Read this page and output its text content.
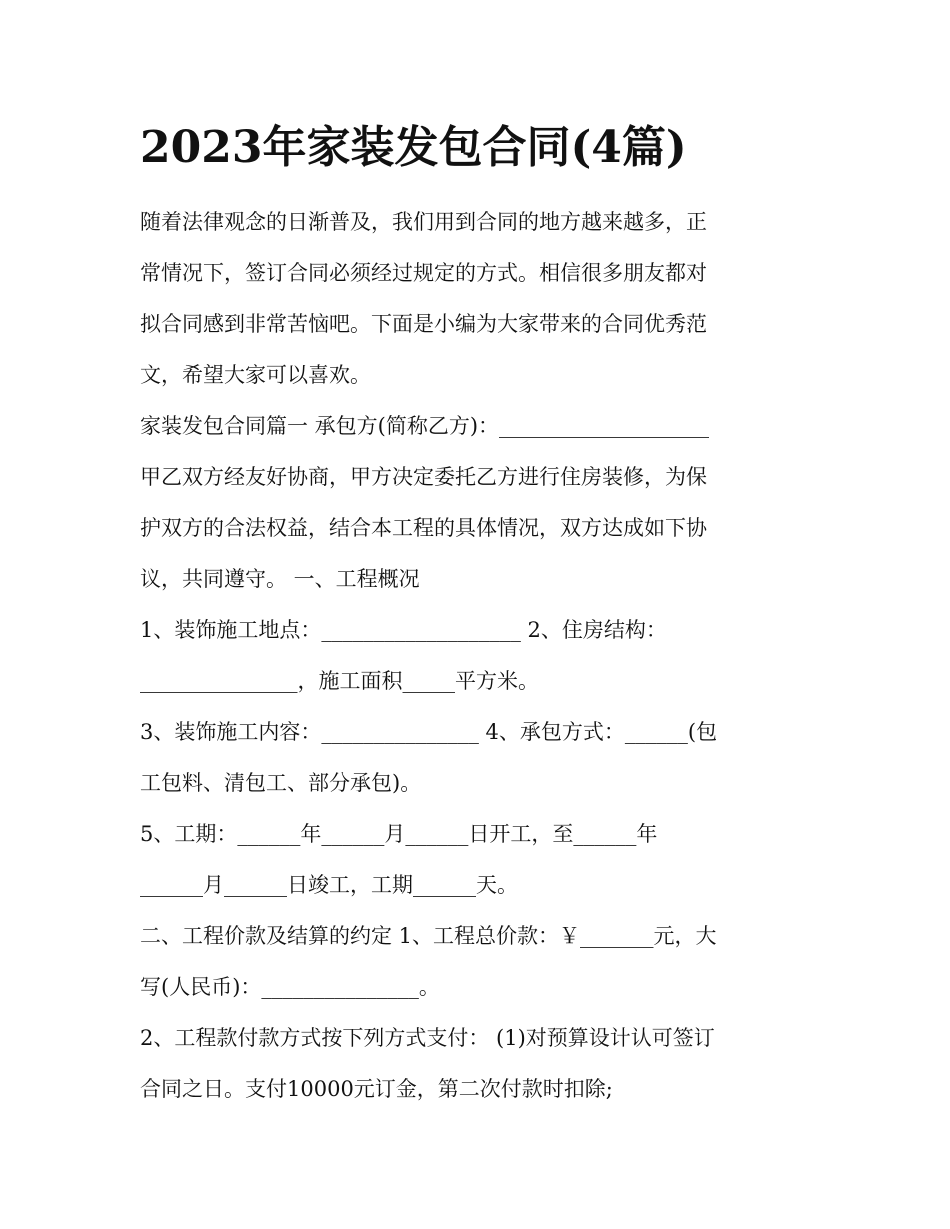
2023年家装发包合同(4篇)

随着法律观念的日渐普及，我们用到合同的地方越来越多，正
常情况下，签订合同必须经过规定的方式。相信很多朋友都对
拟合同感到非常苦恼吧。下面是小编为大家带来的合同优秀范
文，希望大家可以喜欢。

家装发包合同篇一 承包方(简称乙方)：____________________

甲乙双方经友好协商，甲方决定委托乙方进行住房装修，为保
护双方的合法权益，结合本工程的具体情况，双方达成如下协
议，共同遵守。 一、工程概况

1、装饰施工地点：___________________ 2、住房结构：
_______________，施工面积_____平方米。

3、装饰施工内容：_______________ 4、承包方式：______(包
工包料、清包工、部分承包)。

5、工期：______年______月______日开工，至______年
______月______日竣工，工期______天。

二、工程价款及结算的约定 1、工程总价款：￥_______元，大
写(人民币)：_______________。

2、工程款付款方式按下列方式支付： (1)对预算设计认可签订
合同之日。支付10000元订金，第二次付款时扣除;
